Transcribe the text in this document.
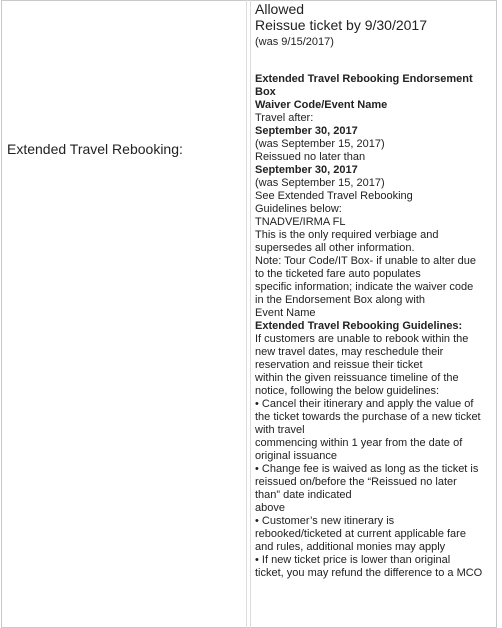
Extended Travel Rebooking:
Allowed
Reissue ticket by 9/30/2017
(was 9/15/2017)
Extended Travel Rebooking Endorsement
Box
Waiver Code/Event Name
Travel after:
September 30, 2017
(was September 15, 2017)
Reissued no later than
September 30, 2017
(was September 15, 2017)
See Extended Travel Rebooking
Guidelines below:
TNADVE/IRMA FL
This is the only required verbiage and
supersedes all other information.
Note: Tour Code/IT Box- if unable to alter due
to the ticketed fare auto populates
specific information; indicate the waiver code
in the Endorsement Box along with
Event Name
Extended Travel Rebooking Guidelines:
If customers are unable to rebook within the
new travel dates, may reschedule their
reservation and reissue their ticket
within the given reissuance timeline of the
notice, following the below guidelines:
• Cancel their itinerary and apply the value of
the ticket towards the purchase of a new ticket
with travel
commencing within 1 year from the date of
original issuance
• Change fee is waived as long as the ticket is
reissued on/before the “Reissued no later
than” date indicated
above
• Customer’s new itinerary is
rebooked/ticketed at current applicable fare
and rules, additional monies may apply
• If new ticket price is lower than original
ticket, you may refund the difference to a MCO
